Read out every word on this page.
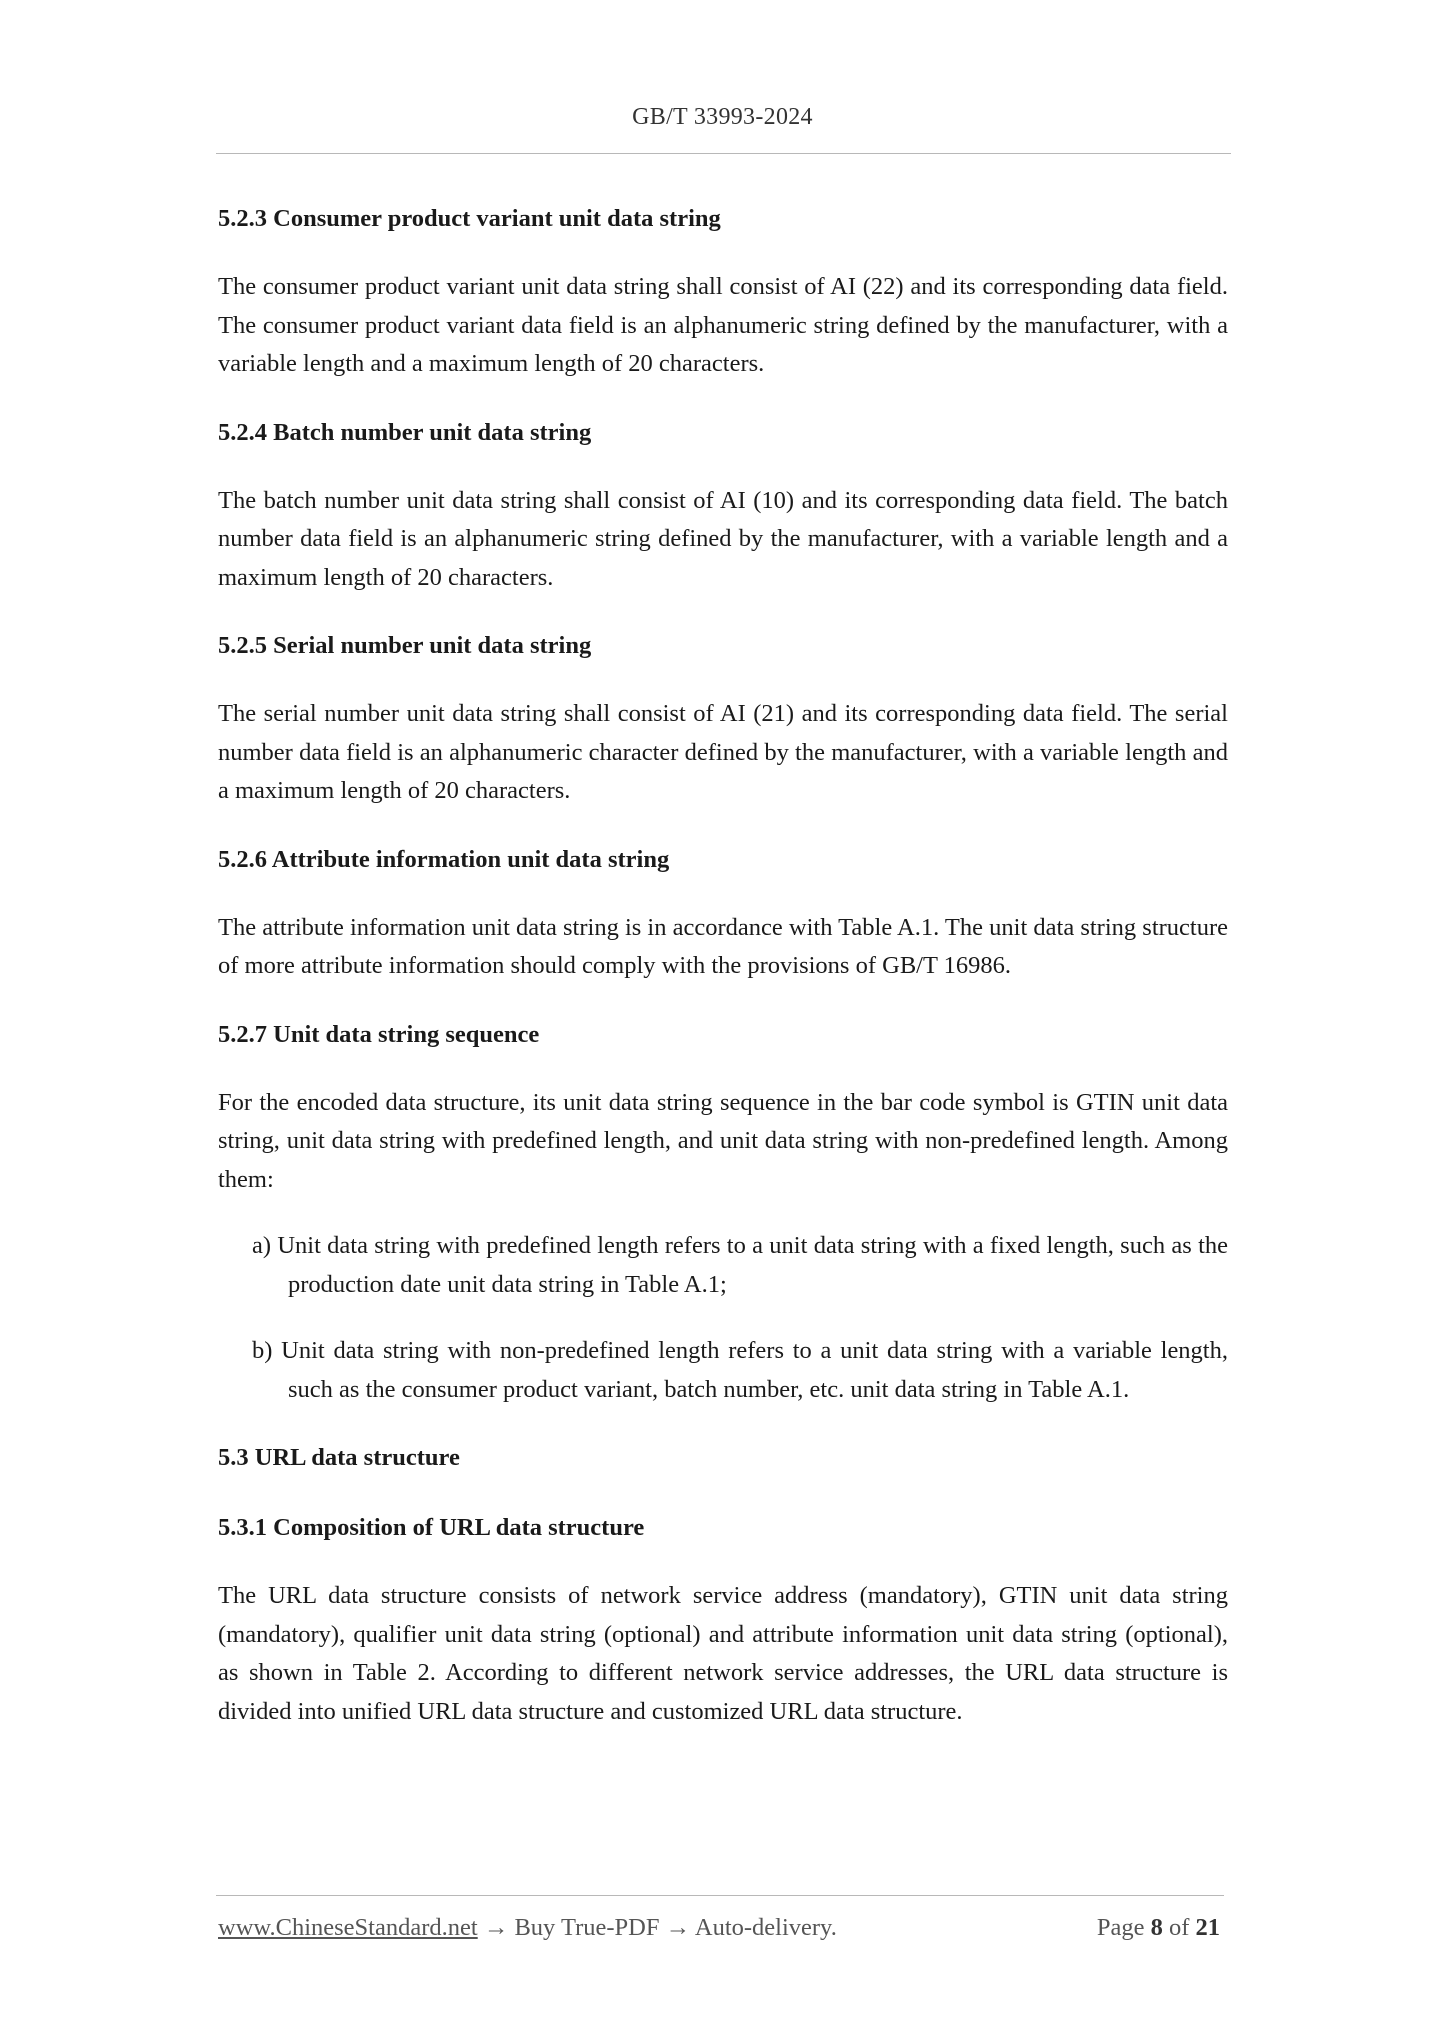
GB/T 33993-2024
5.2.3 Consumer product variant unit data string

The consumer product variant unit data string shall consist of AI (22) and its corresponding data field. The consumer product variant data field is an alphanumeric string defined by the manufacturer, with a variable length and a maximum length of 20 characters.

5.2.4 Batch number unit data string

The batch number unit data string shall consist of AI (10) and its corresponding data field. The batch number data field is an alphanumeric string defined by the manufacturer, with a variable length and a maximum length of 20 characters.

5.2.5 Serial number unit data string

The serial number unit data string shall consist of AI (21) and its corresponding data field. The serial number data field is an alphanumeric character defined by the manufacturer, with a variable length and a maximum length of 20 characters.

5.2.6 Attribute information unit data string

The attribute information unit data string is in accordance with Table A.1. The unit data string structure of more attribute information should comply with the provisions of GB/T 16986.

5.2.7 Unit data string sequence

For the encoded data structure, its unit data string sequence in the bar code symbol is GTIN unit data string, unit data string with predefined length, and unit data string with non-predefined length. Among them:

a) Unit data string with predefined length refers to a unit data string with a fixed length, such as the production date unit data string in Table A.1;

b) Unit data string with non-predefined length refers to a unit data string with a variable length, such as the consumer product variant, batch number, etc. unit data string in Table A.1.

5.3 URL data structure
5.3.1 Composition of URL data structure

The URL data structure consists of network service address (mandatory), GTIN unit data string (mandatory), qualifier unit data string (optional) and attribute information unit data string (optional), as shown in Table 2. According to different network service addresses, the URL data structure is divided into unified URL data structure and customized URL data structure.

www.ChineseStandard.net → Buy True-PDF → Auto-delivery.	Page 8 of 21
